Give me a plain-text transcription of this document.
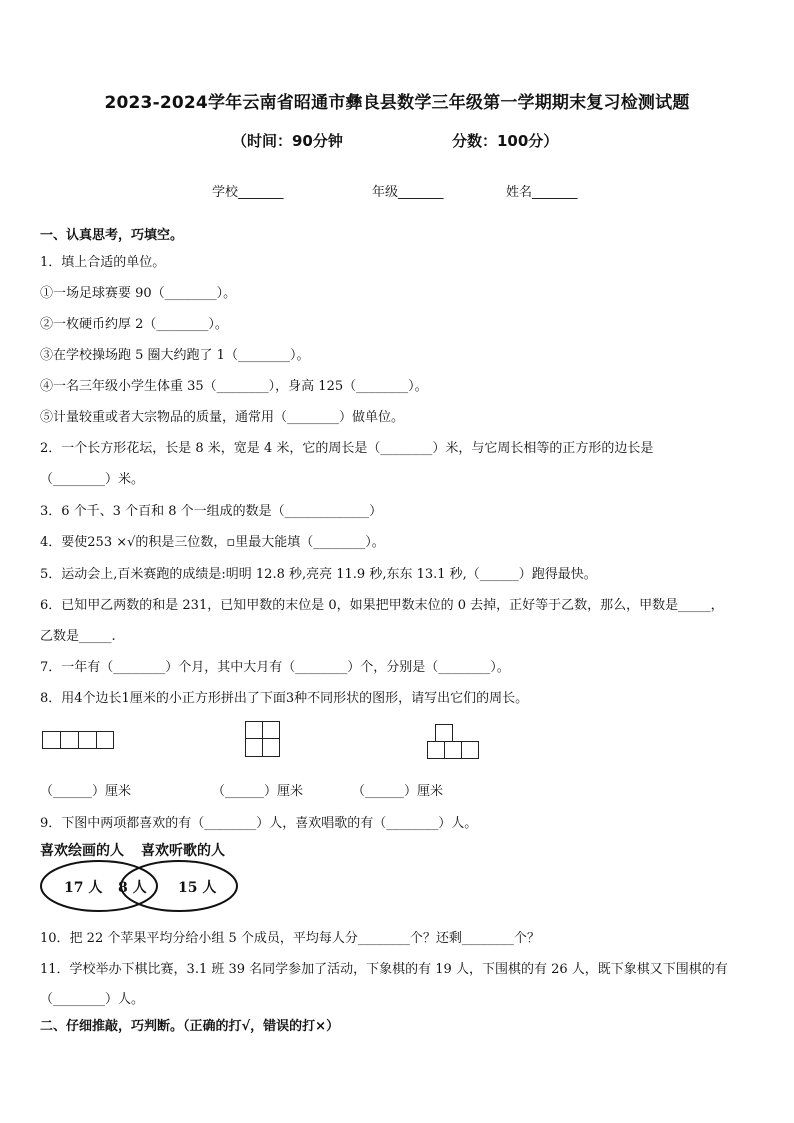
2023-2024学年云南省昭通市彝良县数学三年级第一学期期末复习检测试题
（时间：90分钟	分数：100分）
学校_______	年级_______	姓名_______
一、认真思考，巧填空。
1．填上合适的单位。
①一场足球赛要 90（________）。
②一枚硬币约厚 2（________）。
③在学校操场跑 5 圈大约跑了 1（________）。
④一名三年级小学生体重 35（________），身高 125（________）。
⑤计量较重或者大宗物品的质量，通常用（________）做单位。
2．一个长方形花坛，长是 8 米，宽是 4 米，它的周长是（________）米，与它周长相等的正方形的边长是
（________）米。
3．6 个千、3 个百和 8 个一组成的数是（_____________）
4．要使253 ×√的积是三位数，▫里最大能填（________）。
5．运动会上,百米赛跑的成绩是:明明 12.8 秒,亮亮 11.9 秒,东东 13.1 秒,（______）跑得最快。
6．已知甲乙两数的和是 231，已知甲数的末位是 0，如果把甲数末位的 0 去掉，正好等于乙数，那么，甲数是_____，
乙数是_____.
7．一年有（________）个月，其中大月有（________）个，分别是（________）。
8．用4个边长1厘米的小正方形拼出了下面3种不同形状的图形，请写出它们的周长。
（______）厘米	（______）厘米	（______）厘米
9．下图中两项都喜欢的有（________）人，喜欢唱歌的有（________）人。
喜欢绘画的人 喜欢听歌的人
17 人 8 人 15 人
10．把 22 个苹果平均分给小组 5 个成员，平均每人分________个？还剩________个？
11．学校举办下棋比赛，3.1 班 39 名同学参加了活动，下象棋的有 19 人，下围棋的有 26 人，既下象棋又下围棋的有
（________）人。
二、仔细推敲，巧判断。（正确的打√，错误的打×）
